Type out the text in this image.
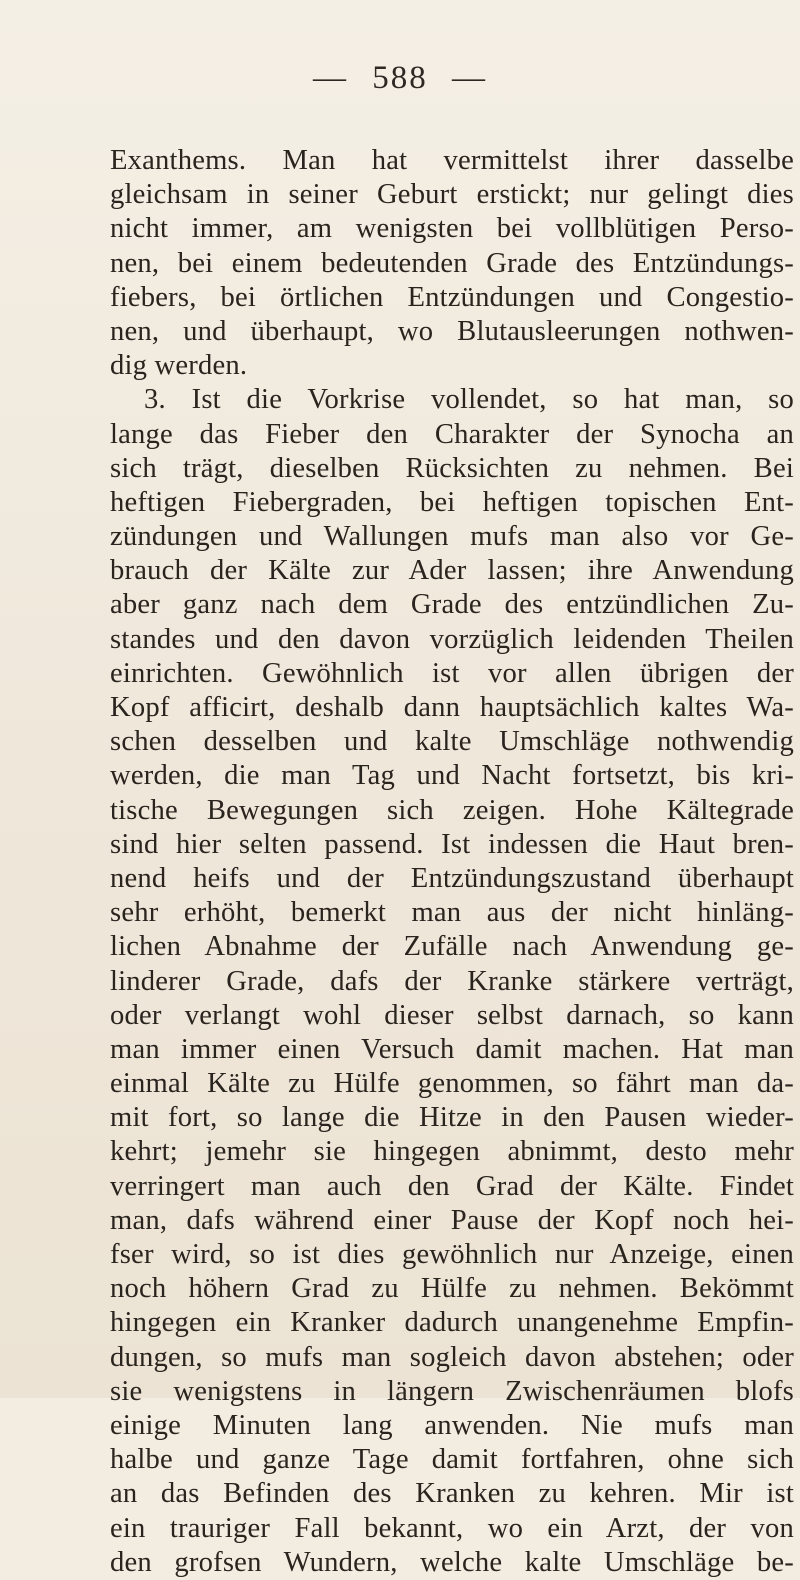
— 588 —
Exanthems. Man hat vermittelst ihrer dasselbe
gleichsam in seiner Geburt erstickt; nur gelingt dies
nicht immer, am wenigsten bei vollblütigen Perso-
nen, bei einem bedeutenden Grade des Entzündungs-
fiebers, bei örtlichen Entzündungen und Congestio-
nen, und überhaupt, wo Blutausleerungen nothwen-
dig werden.
3. Ist die Vorkrise vollendet, so hat man, so
lange das Fieber den Charakter der Synocha an
sich trägt, dieselben Rücksichten zu nehmen. Bei
heftigen Fiebergraden, bei heftigen topischen Ent-
zündungen und Wallungen mufs man also vor Ge-
brauch der Kälte zur Ader lassen; ihre Anwendung
aber ganz nach dem Grade des entzündlichen Zu-
standes und den davon vorzüglich leidenden Theilen
einrichten. Gewöhnlich ist vor allen übrigen der
Kopf afficirt, deshalb dann hauptsächlich kaltes Wa-
schen desselben und kalte Umschläge nothwendig
werden, die man Tag und Nacht fortsetzt, bis kri-
tische Bewegungen sich zeigen. Hohe Kältegrade
sind hier selten passend. Ist indessen die Haut bren-
nend heifs und der Entzündungszustand überhaupt
sehr erhöht, bemerkt man aus der nicht hinläng-
lichen Abnahme der Zufälle nach Anwendung ge-
linderer Grade, dafs der Kranke stärkere verträgt,
oder verlangt wohl dieser selbst darnach, so kann
man immer einen Versuch damit machen. Hat man
einmal Kälte zu Hülfe genommen, so fährt man da-
mit fort, so lange die Hitze in den Pausen wieder-
kehrt; jemehr sie hingegen abnimmt, desto mehr
verringert man auch den Grad der Kälte. Findet
man, dafs während einer Pause der Kopf noch hei-
fser wird, so ist dies gewöhnlich nur Anzeige, einen
noch höhern Grad zu Hülfe zu nehmen. Bekömmt
hingegen ein Kranker dadurch unangenehme Empfin-
dungen, so mufs man sogleich davon abstehen; oder
sie wenigstens in längern Zwischenräumen blofs
einige Minuten lang anwenden. Nie mufs man
halbe und ganze Tage damit fortfahren, ohne sich
an das Befinden des Kranken zu kehren. Mir ist
ein trauriger Fall bekannt, wo ein Arzt, der von
den grofsen Wundern, welche kalte Umschläge be-
